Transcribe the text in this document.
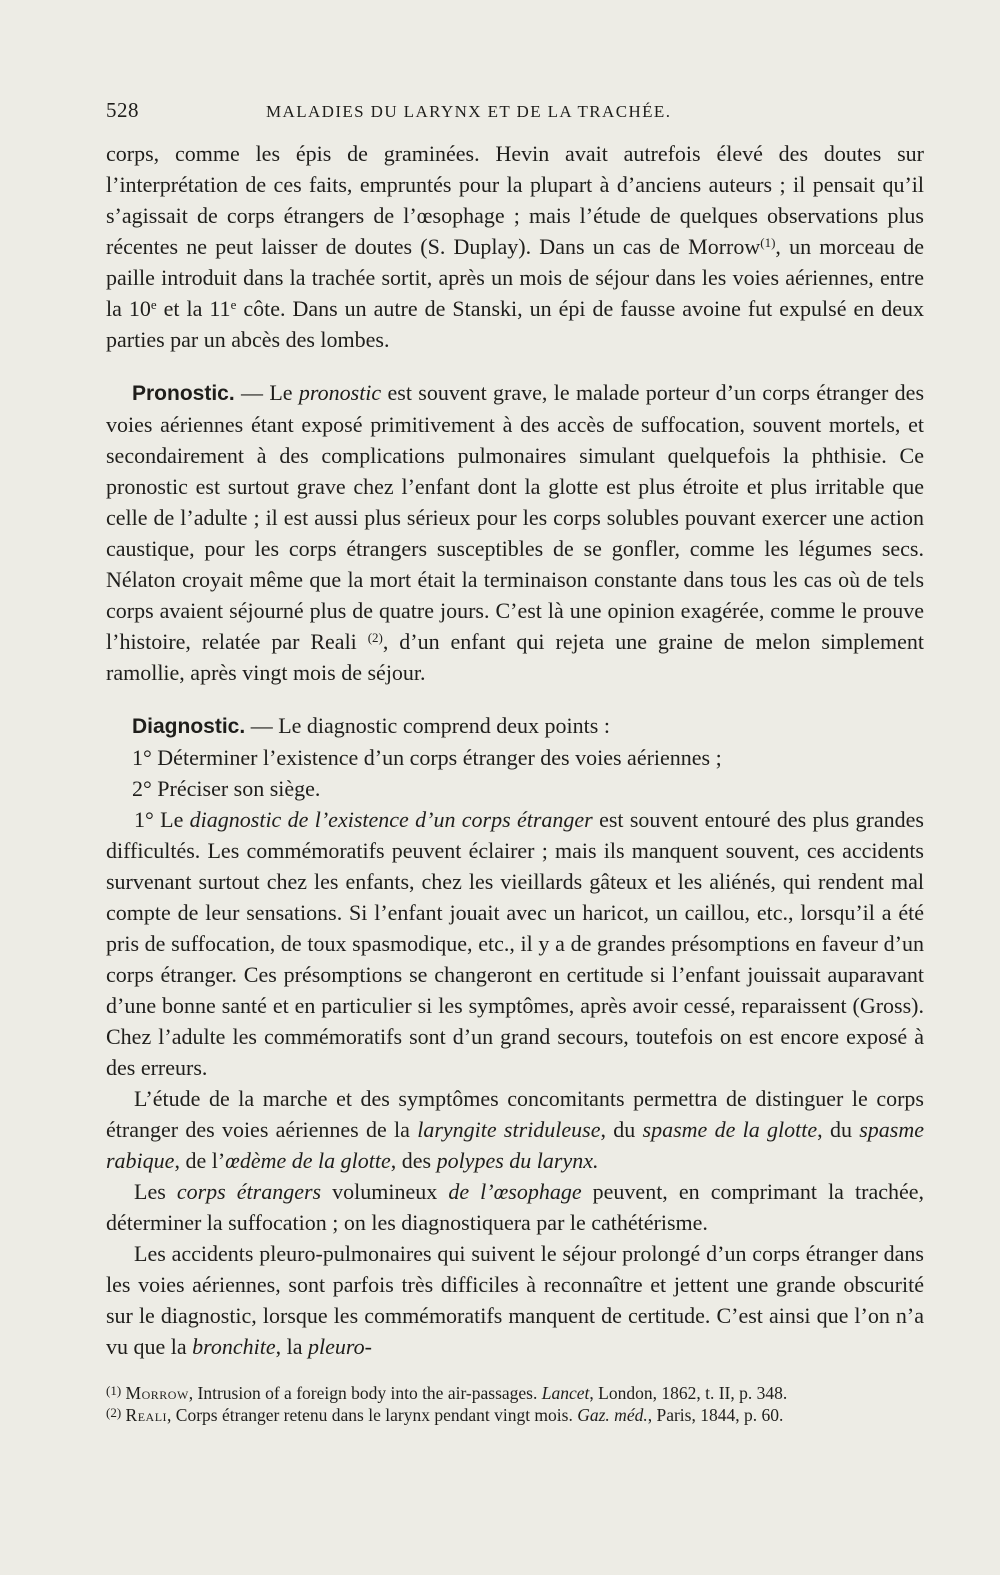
528	MALADIES DU LARYNX ET DE LA TRACHÉE.

corps, comme les épis de graminées. Hevin avait autrefois élevé des doutes sur l’interprétation de ces faits, empruntés pour la plupart à d’anciens auteurs ; il pensait qu’il s’agissait de corps étrangers de l’œsophage ; mais l’étude de quelques observations plus récentes ne peut laisser de doutes (S. Duplay). Dans un cas de Morrow$^{(1)}$, un morceau de paille introduit dans la trachée sortit, après un mois de séjour dans les voies aériennes, entre la 10e et la 11e côte. Dans un autre de Stanski, un épi de fausse avoine fut expulsé en deux parties par un abcès des lombes.

Pronostic. — Le pronostic est souvent grave, le malade porteur d’un corps étranger des voies aériennes étant exposé primitivement à des accès de suffocation, souvent mortels, et secondairement à des complications pulmonaires simulant quelquefois la phthisie. Ce pronostic est surtout grave chez l’enfant dont la glotte est plus étroite et plus irritable que celle de l’adulte ; il est aussi plus sérieux pour les corps solubles pouvant exercer une action caustique, pour les corps étrangers susceptibles de se gonfler, comme les légumes secs. Nélaton croyait même que la mort était la terminaison constante dans tous les cas où de tels corps avaient séjourné plus de quatre jours. C’est là une opinion exagérée, comme le prouve l’histoire, relatée par Reali $^{(2)}$, d’un enfant qui rejeta une graine de melon simplement ramollie, après vingt mois de séjour.

Diagnostic. — Le diagnostic comprend deux points :

1° Déterminer l’existence d’un corps étranger des voies aériennes ;

2° Préciser son siège.

1° Le diagnostic de l’existence d’un corps étranger est souvent entouré des plus grandes difficultés. Les commémoratifs peuvent éclairer ; mais ils manquent souvent, ces accidents survenant surtout chez les enfants, chez les vieillards gâteux et les aliénés, qui rendent mal compte de leur sensations. Si l’enfant jouait avec un haricot, un caillou, etc., lorsqu’il a été pris de suffocation, de toux spasmodique, etc., il y a de grandes présomptions en faveur d’un corps étranger. Ces présomptions se changeront en certitude si l’enfant jouissait auparavant d’une bonne santé et en particulier si les symptômes, après avoir cessé, reparaissent (Gross). Chez l’adulte les commémoratifs sont d’un grand secours, toutefois on est encore exposé à des erreurs.

L’étude de la marche et des symptômes concomitants permettra de distinguer le corps étranger des voies aériennes de la laryngite striduleuse, du spasme de la glotte, du spasme rabique, de l’œdème de la glotte, des polypes du larynx.

Les corps étrangers volumineux de l’œsophage peuvent, en comprimant la trachée, déterminer la suffocation ; on les diagnostiquera par le cathétérisme.

Les accidents pleuro-pulmonaires qui suivent le séjour prolongé d’un corps étranger dans les voies aériennes, sont parfois très difficiles à reconnaître et jettent une grande obscurité sur le diagnostic, lorsque les commémoratifs manquent de certitude. C’est ainsi que l’on n’a vu que la bronchite, la pleuro-

$^{(1)}$ Morrow, Intrusion of a foreign body into the air-passages. Lancet, London, 1862, t. II, p. 348.

$^{(2)}$ Reali, Corps étranger retenu dans le larynx pendant vingt mois. Gaz. méd., Paris, 1844, p. 60.
